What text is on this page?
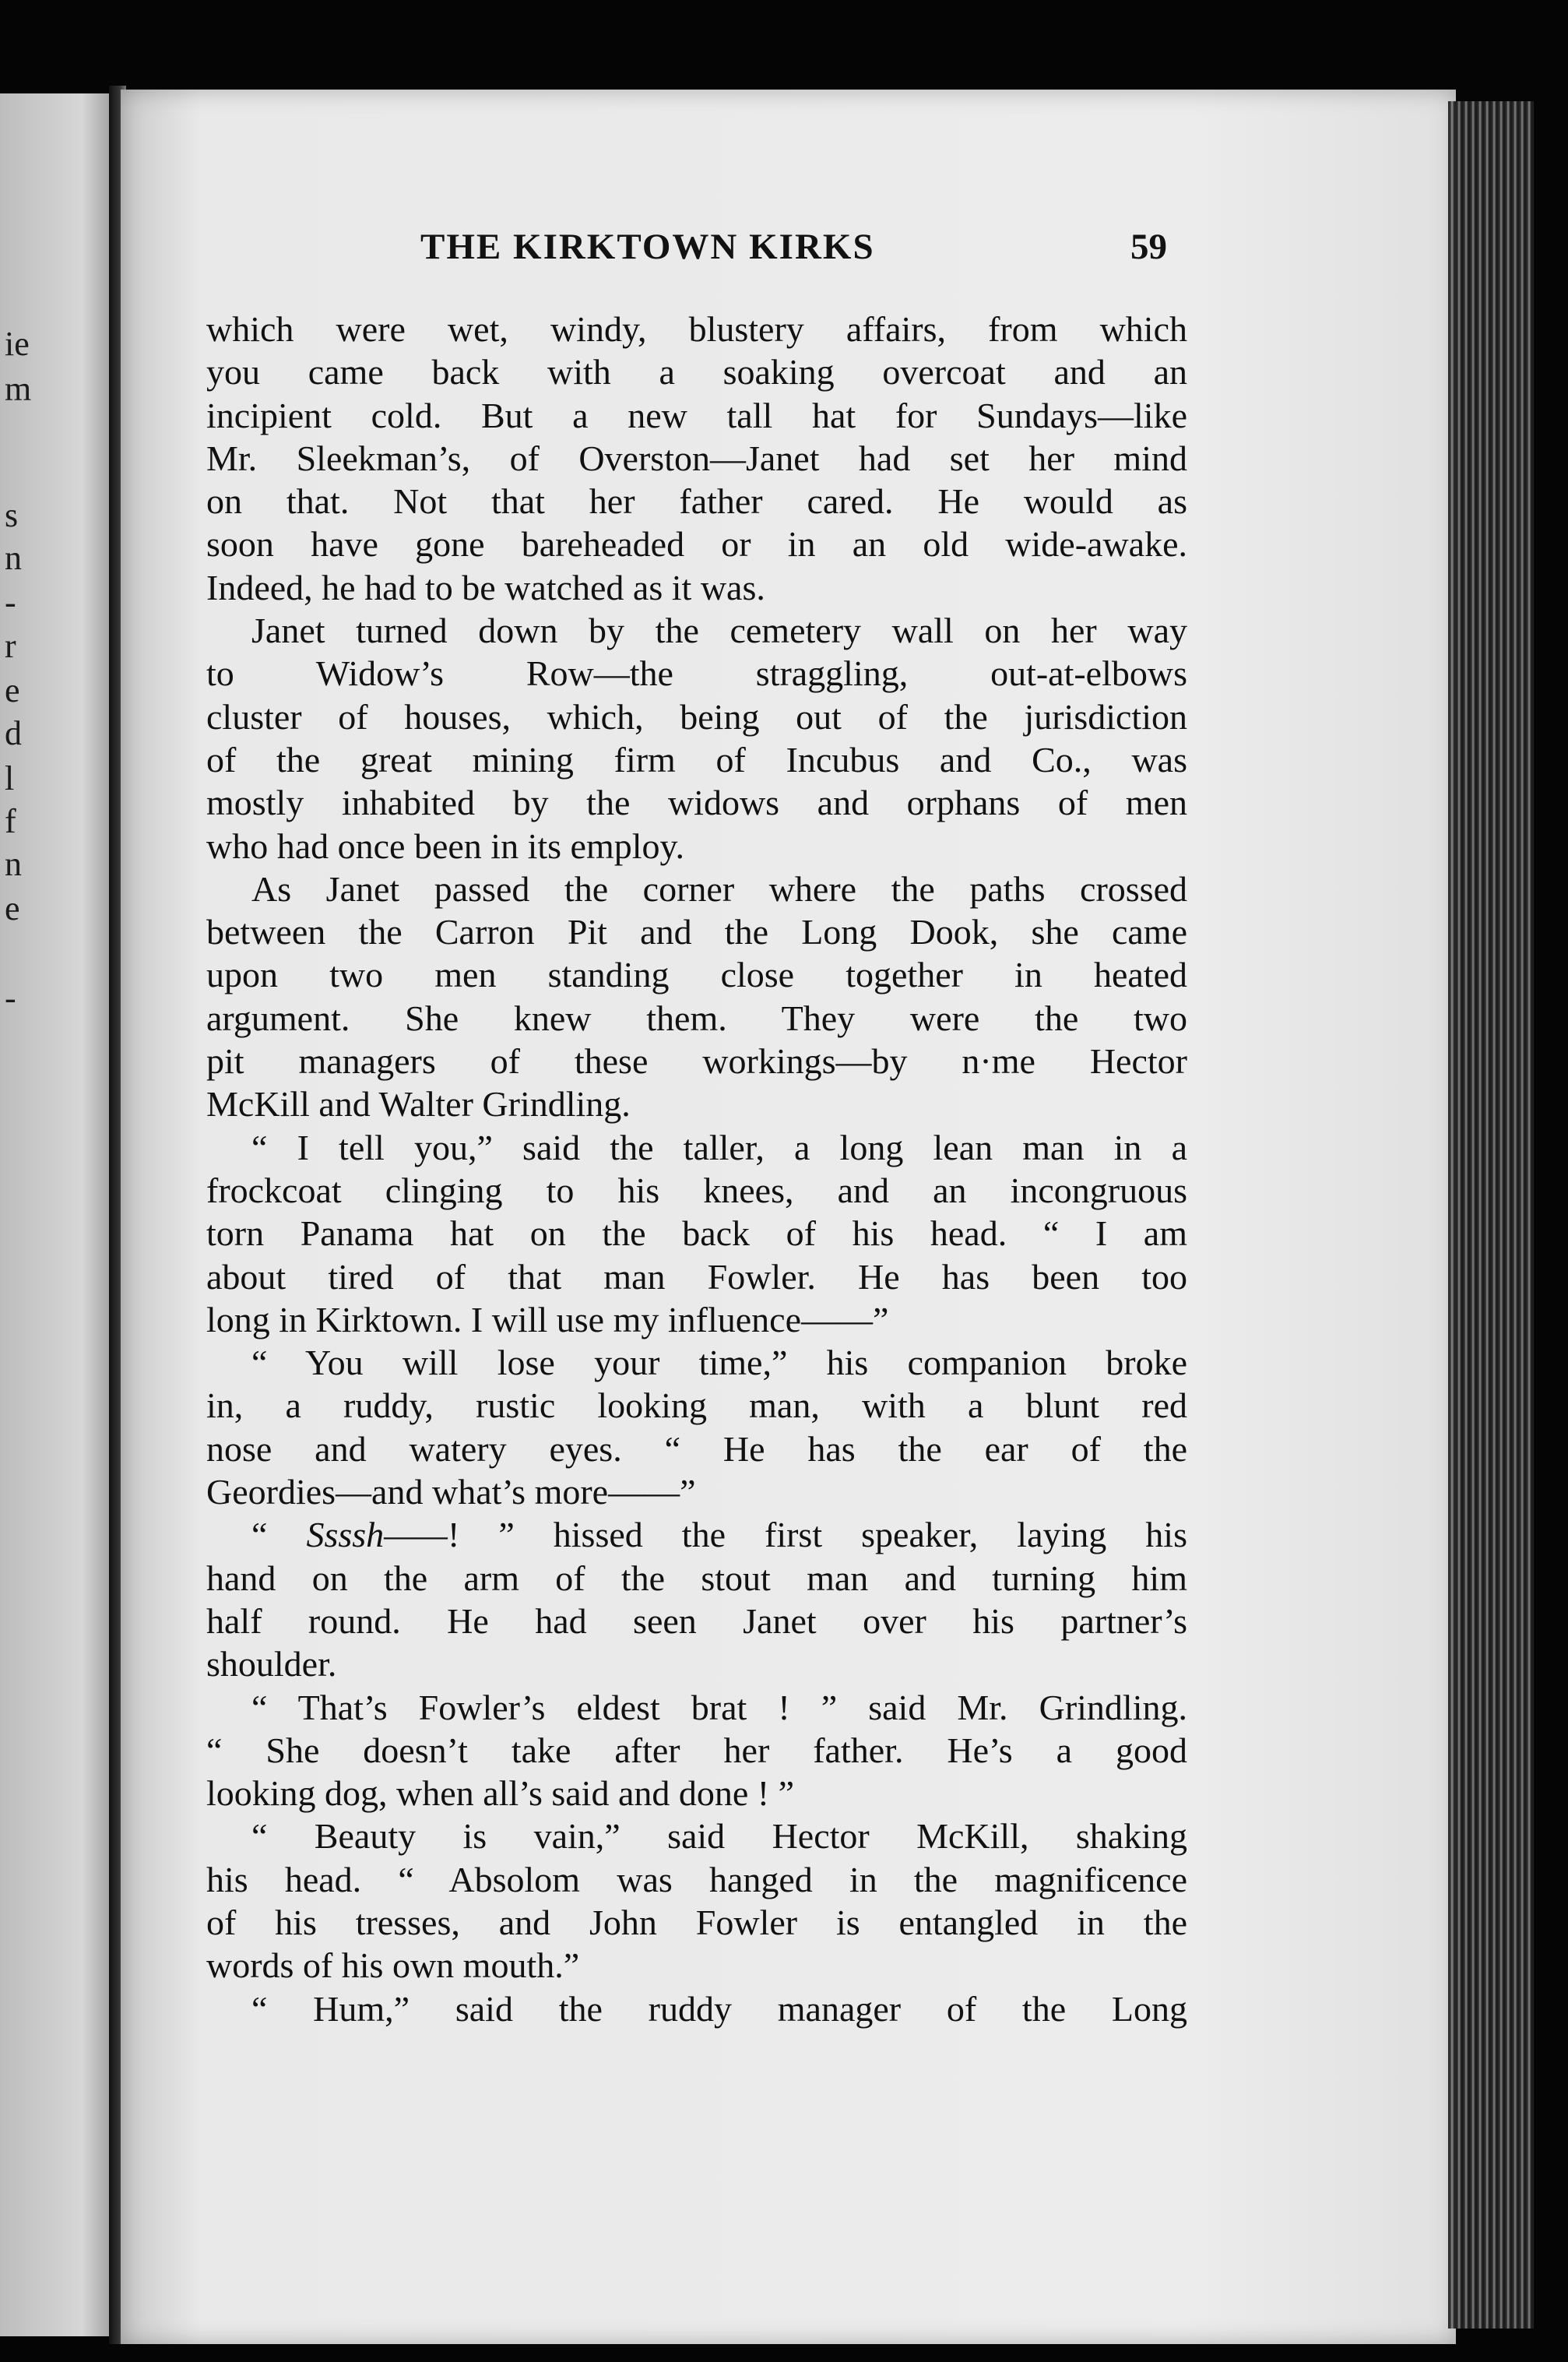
ie
m
s
n
-
r
e
d
l
f
n
e
-
THE KIRKTOWN KIRKS	59
which were wet, windy, blustery affairs, from which
you came back with a soaking overcoat and an
incipient cold. But a new tall hat for Sundays—like
Mr. Sleekman’s, of Overston—Janet had set her mind
on that. Not that her father cared. He would as
soon have gone bareheaded or in an old wide-awake.
Indeed, he had to be watched as it was.
Janet turned down by the cemetery wall on her way
to Widow’s Row—the straggling, out-at-elbows
cluster of houses, which, being out of the jurisdiction
of the great mining firm of Incubus and Co., was
mostly inhabited by the widows and orphans of men
who had once been in its employ.
As Janet passed the corner where the paths crossed
between the Carron Pit and the Long Dook, she came
upon two men standing close together in heated
argument. She knew them. They were the two
pit managers of these workings—by n·me Hector
McKill and Walter Grindling.
“ I tell you,” said the taller, a long lean man in a
frockcoat clinging to his knees, and an incongruous
torn Panama hat on the back of his head. “ I am
about tired of that man Fowler. He has been too
long in Kirktown. I will use my influence——”
“ You will lose your time,” his companion broke
in, a ruddy, rustic looking man, with a blunt red
nose and watery eyes. “ He has the ear of the
Geordies—and what’s more——”
“ Ssssh——! ” hissed the first speaker, laying his
hand on the arm of the stout man and turning him
half round. He had seen Janet over his partner’s
shoulder.
“ That’s Fowler’s eldest brat ! ” said Mr. Grindling.
“ She doesn’t take after her father. He’s a good
looking dog, when all’s said and done ! ”
“ Beauty is vain,” said Hector McKill, shaking
his head. “ Absolom was hanged in the magnificence
of his tresses, and John Fowler is entangled in the
words of his own mouth.”
“ Hum,” said the ruddy manager of the Long
